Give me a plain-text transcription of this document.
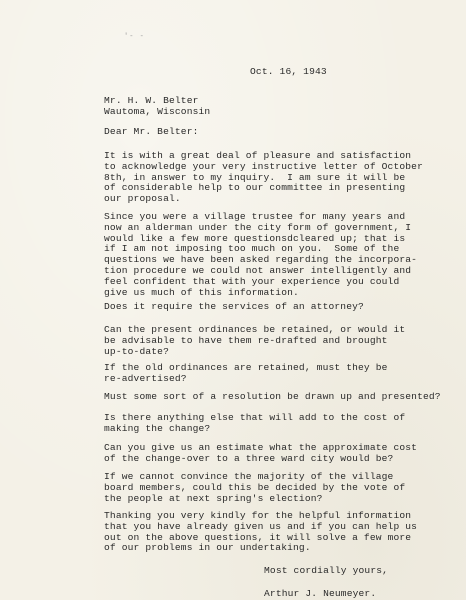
'- -
Oct. 16, 1943
Mr. H. W. Belter
Wautoma, Wisconsin
Dear Mr. Belter:
It is with a great deal of pleasure and satisfaction
to acknowledge your very instructive letter of October
8th, in answer to my inquiry.  I am sure it will be
of considerable help to our committee in presenting
our proposal.
Since you were a village trustee for many years and
now an alderman under the city form of government, I
would like a few more questionsdcleared up; that is
if I am not imposing too much on you.  Some of the
questions we have been asked regarding the incorpora-
tion procedure we could not answer intelligently and
feel confident that with your experience you could
give us much of this information.
Does it require the services of an attorney?
Can the present ordinances be retained, or would it
be advisable to have them re-drafted and brought
up-to-date?
If the old ordinances are retained, must they be
re-advertised?
Must some sort of a resolution be drawn up and presented?
Is there anything else that will add to the cost of
making the change?
Can you give us an estimate what the approximate cost
of the change-over to a three ward city would be?
If we cannot convince the majority of the village
board members, could this be decided by the vote of
the people at next spring's election?
Thanking you very kindly for the helpful information
that you have already given us and if you can help us
out on the above questions, it will solve a few more
of our problems in our undertaking.
Most cordially yours,
Arthur J. Neumeyer.
